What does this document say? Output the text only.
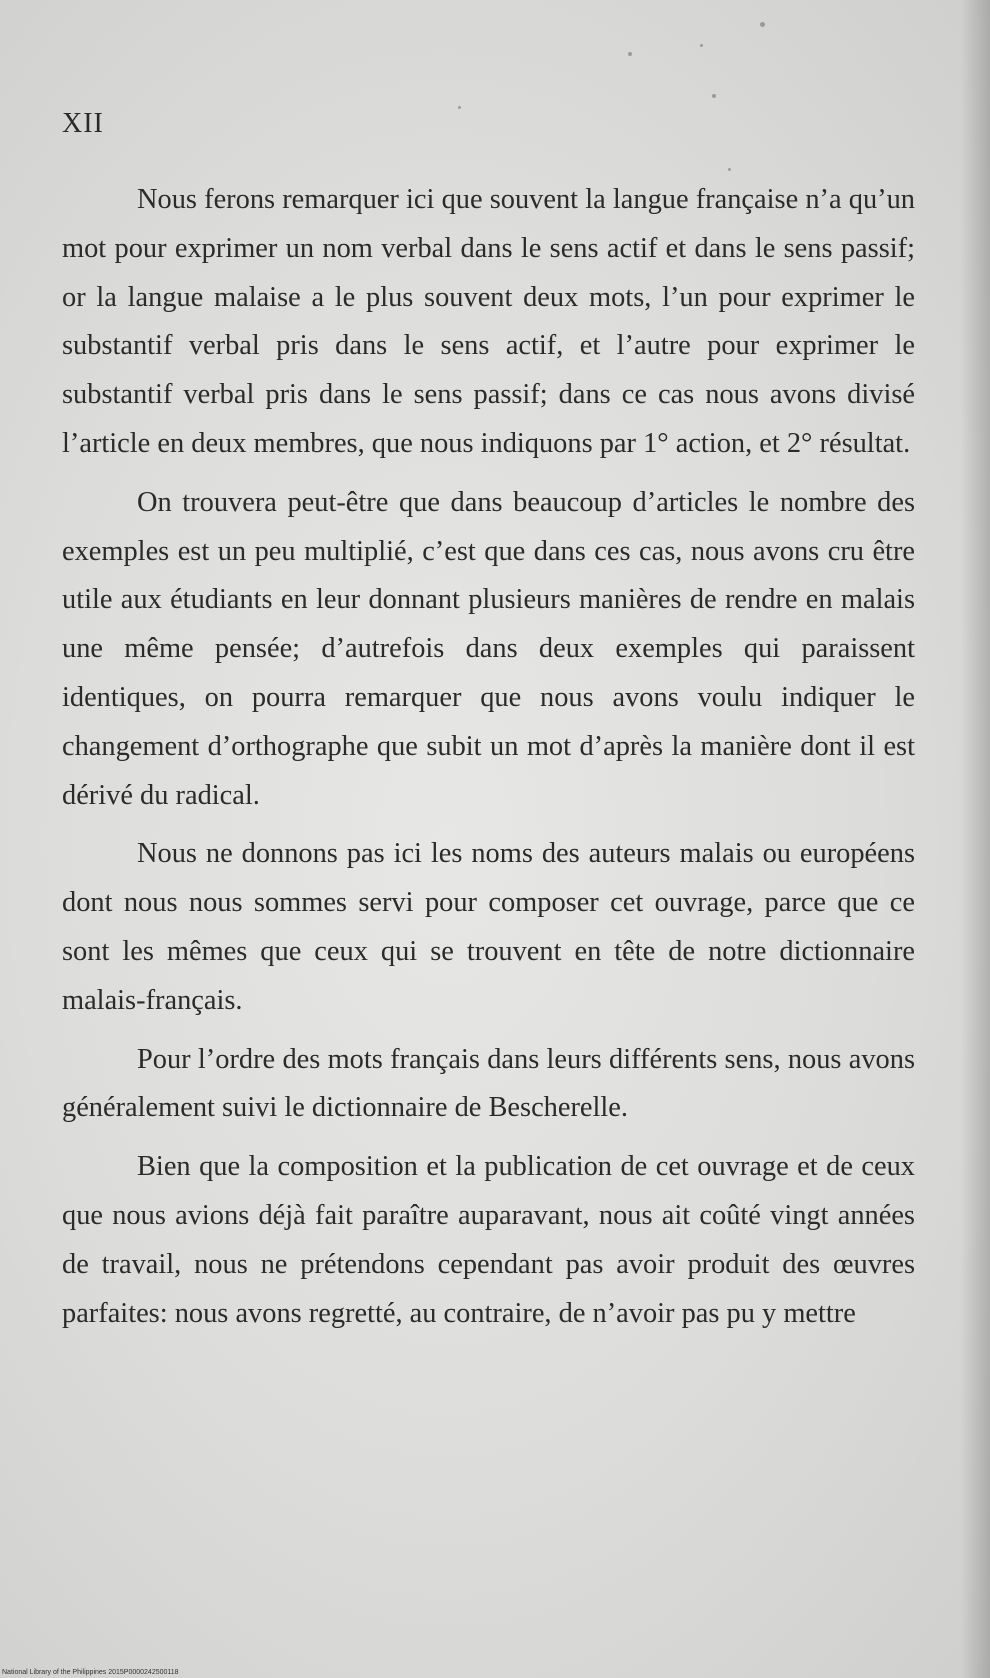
XII

Nous ferons remarquer ici que souvent la langue française n’a qu’un mot pour exprimer un nom verbal dans le sens actif et dans le sens passif; or la langue malaise a le plus souvent deux mots, l’un pour exprimer le substantif verbal pris dans le sens actif, et l’autre pour exprimer le substantif verbal pris dans le sens passif; dans ce cas nous avons divisé l’article en deux membres, que nous indiquons par 1° action, et 2° résultat.

On trouvera peut-être que dans beaucoup d’articles le nombre des exemples est un peu multiplié, c’est que dans ces cas, nous avons cru être utile aux étudiants en leur donnant plusieurs manières de rendre en malais une même pensée; d’autrefois dans deux exemples qui paraissent identiques, on pourra remarquer que nous avons voulu indiquer le changement d’orthographe que subit un mot d’après la manière dont il est dérivé du radical.

Nous ne donnons pas ici les noms des auteurs malais ou européens dont nous nous sommes servi pour composer cet ouvrage, parce que ce sont les mêmes que ceux qui se trouvent en tête de notre dictionnaire malais-français.

Pour l’ordre des mots français dans leurs différents sens, nous avons généralement suivi le dictionnaire de Bescherelle.

Bien que la composition et la publication de cet ouvrage et de ceux que nous avions déjà fait paraître auparavant, nous ait coûté vingt années de travail, nous ne prétendons cependant pas avoir produit des œuvres parfaites: nous avons regretté, au contraire, de n’avoir pas pu y mettre

National Library of the Philippines 2015P0000242500118
